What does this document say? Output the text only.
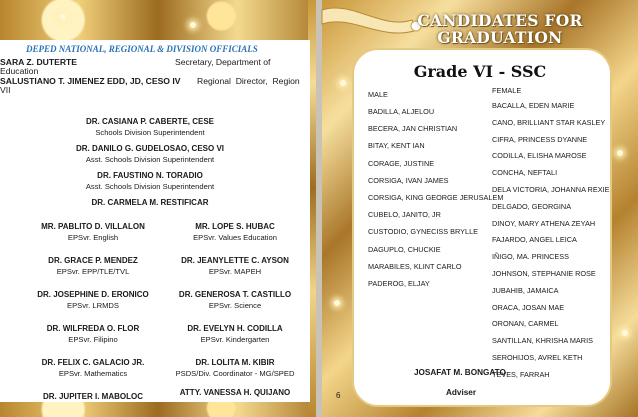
DEPED NATIONAL, REGIONAL & DIVISION OFFICIALS
SARA Z. DUTERTE	Secretary, Department of
Education
SALUSTIANO T. JIMENEZ EDD, JD, CESO IV Regional  Director,  Region
VII
DR. CASIANA P. CABERTE, CESE
Schools Division Superintendent
DR. DANILO G. GUDELOSAO, CESO VI
Asst. Schools Division Superintendent
DR. FAUSTINO N. TORADIO
Asst. Schools Division Superintendent
DR. CARMELA M. RESTIFICAR
MR. PABLITO D. VILLALON
EPSvr. English
MR. LOPE S. HUBAC
EPSvr. Values Education
DR. GRACE P. MENDEZ
EPSvr. EPP/TLE/TVL
DR. JEANYLETTE C. AYSON
EPSvr. MAPEH
DR. JOSEPHINE D. ERONICO
EPSvr. LRMDS
DR. GENEROSA T. CASTILLO
EPSvr. Science
DR. WILFREDA O. FLOR
EPSvr. Filipino
DR. EVELYN H. CODILLA
EPSvr. Kindergarten
DR. FELIX C. GALACIO JR.
EPSvr. Mathematics
DR. LOLITA M. KIBIR
PSDS/Div. Coordinator - MG/SPED
DR. JUPITER I. MABOLOC	ATTY. VANESSA H. QUIJANO
CANDIDATES FOR GRADUATION
Grade VI - SSC
MALE
BADILLA, ALJELOU
BECERA, JAN CHRISTIAN
BITAY, KENT IAN
CORAGE, JUSTINE
CORSIGA, IVAN JAMES
CORSIGA, KING GEORGE JERUSALEM
CUBELO, JANITO, JR
CUSTODIO, GYNECISS BRYLLE
DAGUPLO, CHUCKIE
MARABILES, KLINT CARLO
PADEROG, ELJAY
FEMALE
BACALLA, EDEN MARIE
CANO, BRILLIANT STAR KASLEY
CIFRA, PRINCESS DYANNE
CODILLA, ELISHA MAROSE
CONCHA, NEFTALI
DELA VICTORIA, JOHANNA REXIE
DELGADO, GEORGINA
DINOY, MARY ATHENA ZEYAH
FAJARDO, ANGEL LEICA
IÑIGO, MA. PRINCESS
JOHNSON, STEPHANIE ROSE
JUBAHIB, JAMAICA
ORACA, JOSAN MAE
ORONAN, CARMEL
SANTILLAN, KHRISHA MARIS
SEROHIJOS, AVREL KETH
JOSAFAT M. BONGATO
Adviser
6
